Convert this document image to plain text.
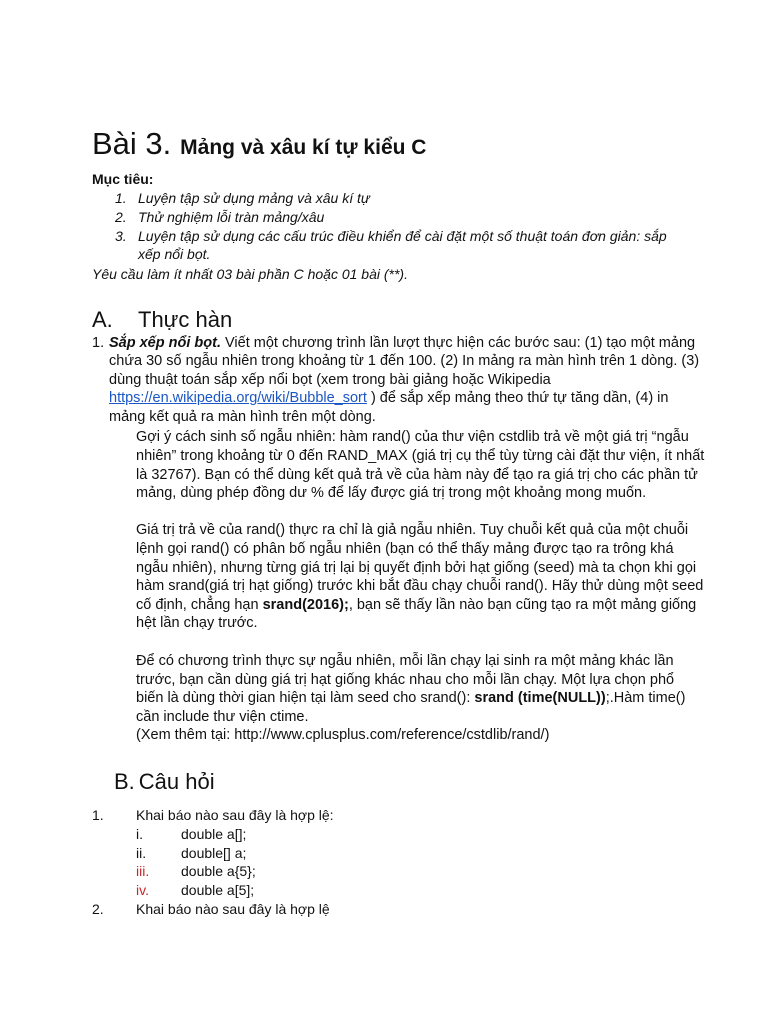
Bài 3. Mảng và xâu kí tự kiểu C
Mục tiêu:
1. Luyện tập sử dụng mảng và xâu kí tự
2. Thử nghiệm lỗi tràn mảng/xâu
3. Luyện tập sử dụng các cấu trúc điều khiển để cài đặt một số thuật toán đơn giản: sắp
xếp nổi bọt.
Yêu cầu làm ít nhất 03 bài phần C hoặc 01 bài (**).
A. Thực hàn
1. Sắp xếp nổi bọt. Viết một chương trình lần lượt thực hiện các bước sau: (1) tạo một mảng
chứa 30 số ngẫu nhiên trong khoảng từ 1 đến 100. (2) In mảng ra màn hình trên 1 dòng. (3)
dùng thuật toán sắp xếp nổi bọt (xem trong bài giảng hoặc Wikipedia
https://en.wikipedia.org/wiki/Bubble_sort ) để sắp xếp mảng theo thứ tự tăng dần, (4) in
mảng kết quả ra màn hình trên một dòng.
Gợi ý cách sinh số ngẫu nhiên: hàm rand() của thư viện cstdlib trả về một giá trị “ngẫu
nhiên” trong khoảng từ 0 đến RAND_MAX (giá trị cụ thể tùy từng cài đặt thư viện, ít nhất
là 32767). Bạn có thể dùng kết quả trả về của hàm này để tạo ra giá trị cho các phần tử
mảng, dùng phép đồng dư % để lấy được giá trị trong một khoảng mong muốn.
Giá trị trả về của rand() thực ra chỉ là giả ngẫu nhiên. Tuy chuỗi kết quả của một chuỗi
lệnh gọi rand() có phân bố ngẫu nhiên (bạn có thể thấy mảng được tạo ra trông khá
ngẫu nhiên), nhưng từng giá trị lại bị quyết định bởi hạt giống (seed) mà ta chọn khi gọi
hàm srand(giá trị hạt giống) trước khi bắt đầu chạy chuỗi rand(). Hãy thử dùng một seed
cố định, chẳng hạn srand(2016);, bạn sẽ thấy lần nào bạn cũng tạo ra một mảng giống
hệt lần chạy trước.
Để có chương trình thực sự ngẫu nhiên, mỗi lần chạy lại sinh ra một mảng khác lần
trước, bạn cần dùng giá trị hạt giống khác nhau cho mỗi lần chạy. Một lựa chọn phổ
biến là dùng thời gian hiện tại làm seed cho srand(): srand (time(NULL));.Hàm time()
cần include thư viện ctime.
(Xem thêm tại: http://www.cplusplus.com/reference/cstdlib/rand/)
B. Câu hỏi
1. Khai báo nào sau đây là hợp lệ:
i.	double a[];
ii. double[] a;
iii. double a{5};
iv. double a[5];
2. Khai báo nào sau đây là hợp lệ
